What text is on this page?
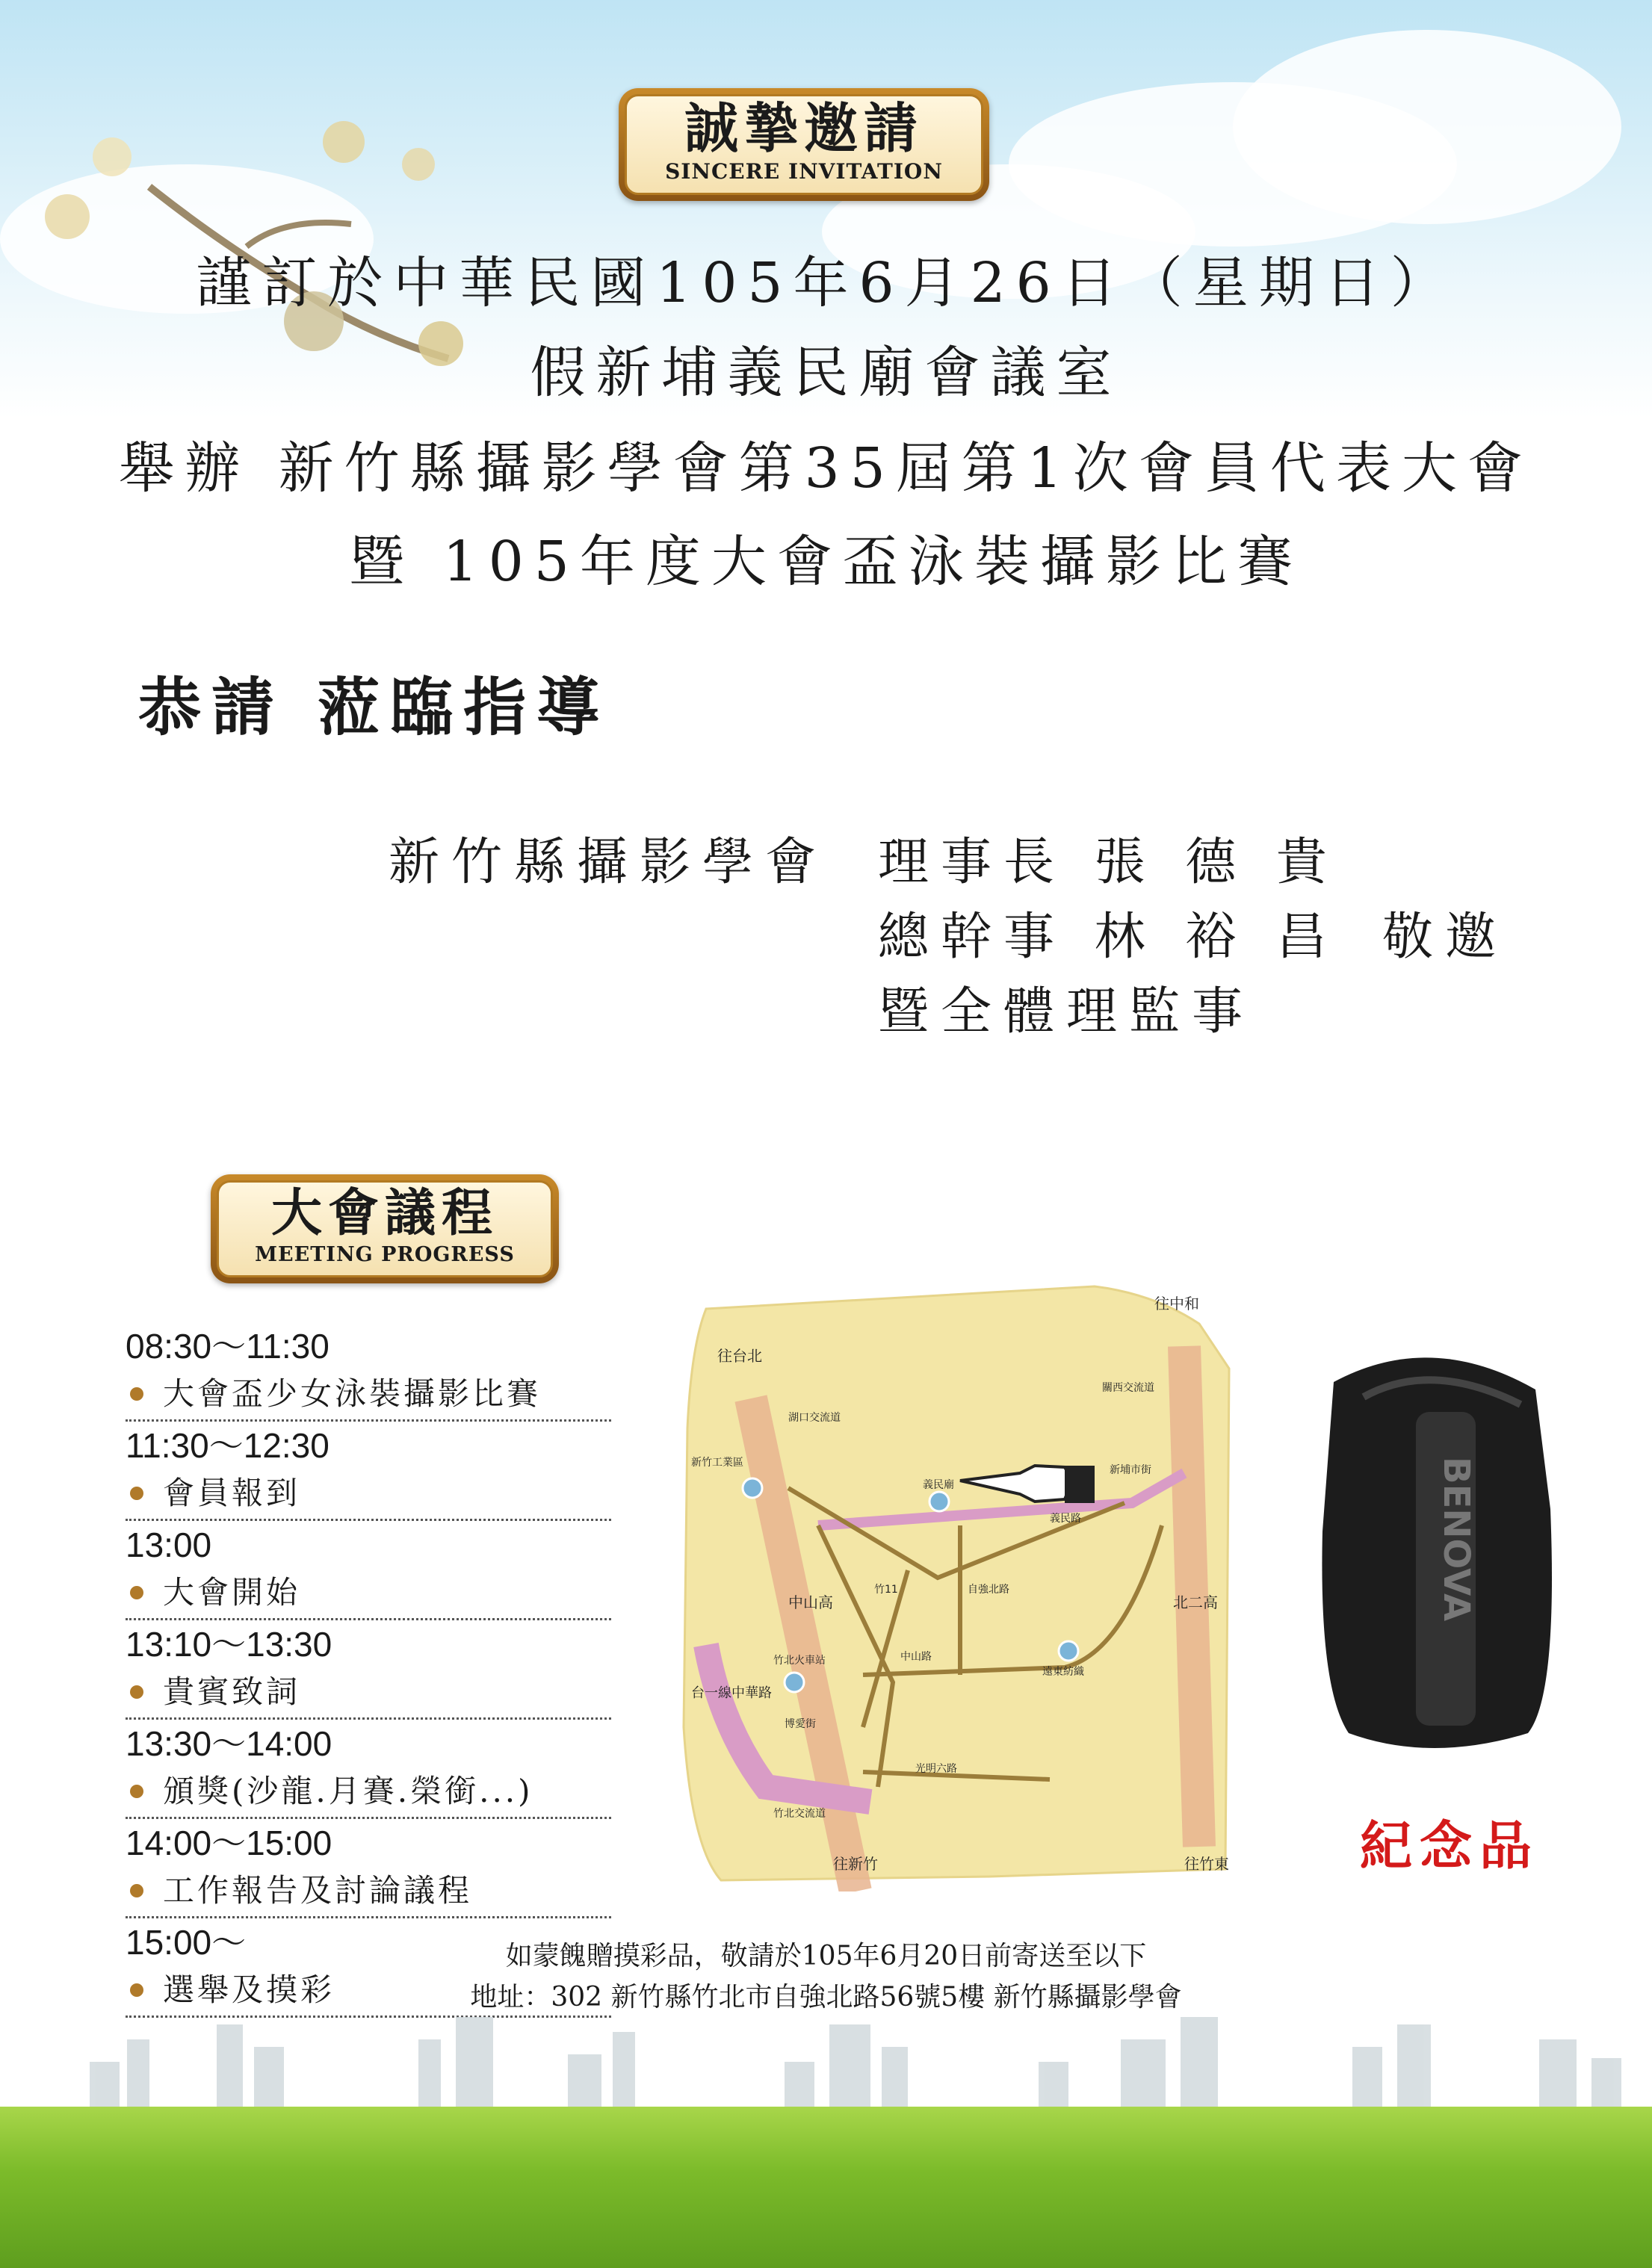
誠摯邀請
SINCERE INVITATION
謹訂於中華民國105年6月26日（星期日）
假新埔義民廟會議室
舉辦 新竹縣攝影學會第35屆第1次會員代表大會
暨 105年度大會盃泳裝攝影比賽
恭請 蒞臨指導
新竹縣攝影學會 理事長 張 德 貴
總幹事 林 裕 昌 敬邀
暨全體理監事
大會議程
MEETING PROGRESS
08:30～11:30
大會盃少女泳裝攝影比賽
11:30～12:30
會員報到
13:00
大會開始
13:10～13:30
貴賓致詞
13:30～14:00
頒獎(沙龍.月賽.榮銜...)
14:00～15:00
工作報告及討論議程
15:00～
選舉及摸彩
往中和
往台北
新竹工業區
湖口交流道
義民廟
關西交流道
新埔市街
義民路
中山高	北二高
竹11	自強北路
中山路
竹北火車站
博愛街
遠東紡織
光明六路
竹北交流道
台一線中華路
往新竹	往竹東
BENOVA
紀念品
如蒙餽贈摸彩品，敬請於105年6月20日前寄送至以下
地址：302 新竹縣竹北市自強北路56號5樓 新竹縣攝影學會
